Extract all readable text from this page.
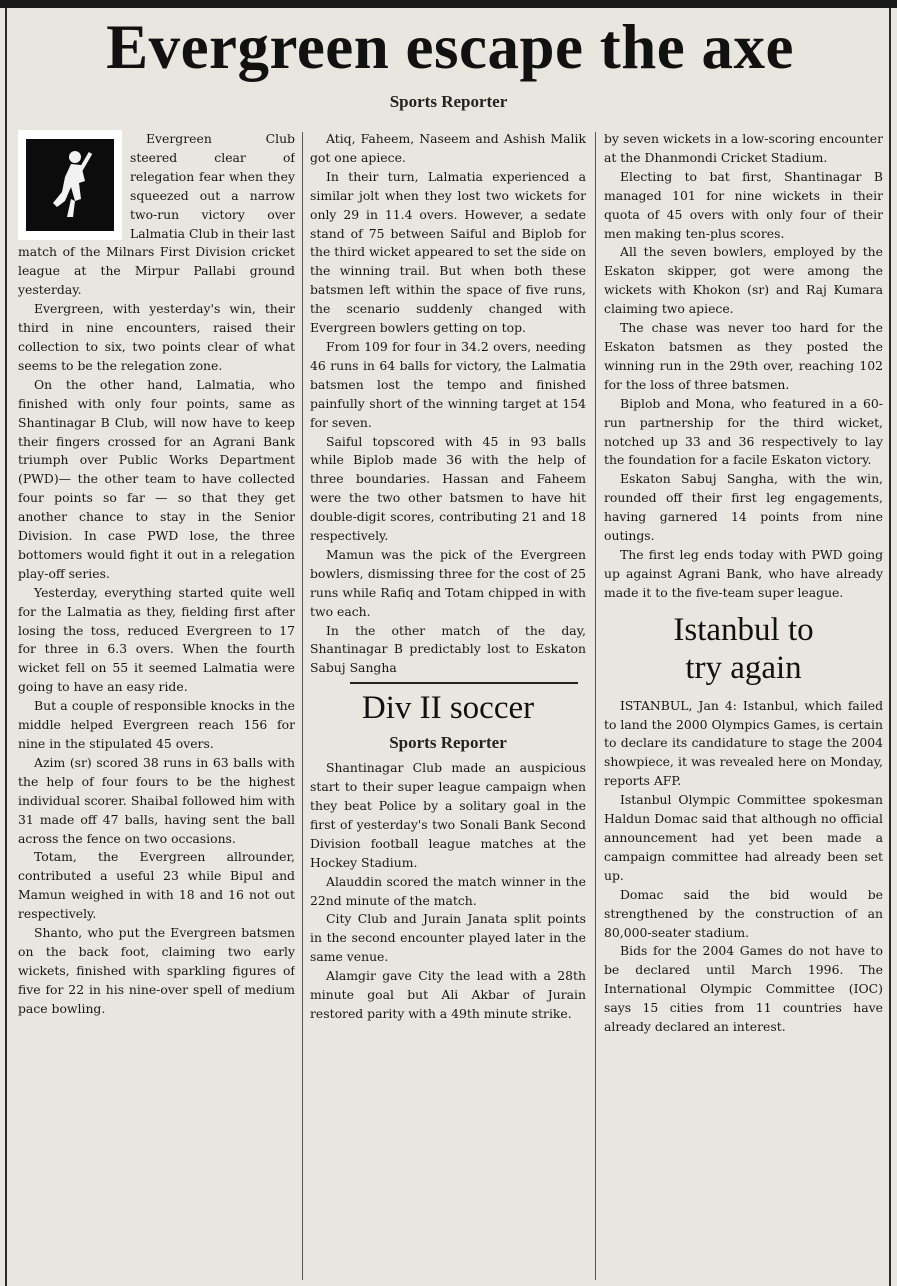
Evergreen escape the axe
Sports Reporter

Evergreen Club steered clear of relegation fear when they squeezed out a narrow two-run victory over Lalmatia Club in their last match of the Milnars First Division cricket league at the Mirpur Pallabi ground yesterday.

Evergreen, with yesterday's win, their third in nine encounters, raised their collection to six, two points clear of what seems to be the relegation zone.

On the other hand, Lalmatia, who finished with only four points, same as Shantinagar B Club, will now have to keep their fingers crossed for an Agrani Bank triumph over Public Works Department (PWD)— the other team to have collected four points so far — so that they get another chance to stay in the Senior Division. In case PWD lose, the three bottomers would fight it out in a relegation play-off series.

Yesterday, everything started quite well for the Lalmatia as they, fielding first after losing the toss, reduced Evergreen to 17 for three in 6.3 overs. When the fourth wicket fell on 55 it seemed Lalmatia were going to have an easy ride.

But a couple of responsible knocks in the middle helped Evergreen reach 156 for nine in the stipulated 45 overs.

Azim (sr) scored 38 runs in 63 balls with the help of four fours to be the highest individual scorer. Shaibal followed him with 31 made off 47 balls, having sent the ball across the fence on two occasions.

Totam, the Evergreen allrounder, contributed a useful 23 while Bipul and Mamun weighed in with 18 and 16 not out respectively.

Shanto, who put the Evergreen batsmen on the back foot, claiming two early wickets, finished with sparkling figures of five for 22 in his nine-over spell of medium pace bowling.

Atiq, Faheem, Naseem and Ashish Malik got one apiece.

In their turn, Lalmatia experienced a similar jolt when they lost two wickets for only 29 in 11.4 overs. However, a sedate stand of 75 between Saiful and Biplob for the third wicket appeared to set the side on the winning trail. But when both these batsmen left within the space of five runs, the scenario suddenly changed with Evergreen bowlers getting on top.

From 109 for four in 34.2 overs, needing 46 runs in 64 balls for victory, the Lalmatia batsmen lost the tempo and finished painfully short of the winning target at 154 for seven.

Saiful topscored with 45 in 93 balls while Biplob made 36 with the help of three boundaries. Hassan and Faheem were the two other batsmen to have hit double-digit scores, contributing 21 and 18 respectively.

Mamun was the pick of the Evergreen bowlers, dismissing three for the cost of 25 runs while Rafiq and Totam chipped in with two each.

In the other match of the day, Shantinagar B predictably lost to Eskaton Sabuj Sangha

Div II soccer
Sports Reporter

Shantinagar Club made an auspicious start to their super league campaign when they beat Police by a solitary goal in the first of yesterday's two Sonali Bank Second Division football league matches at the Hockey Stadium.

Alauddin scored the match winner in the 22nd minute of the match.

City Club and Jurain Janata split points in the second encounter played later in the same venue.

Alamgir gave City the lead with a 28th minute goal but Ali Akbar of Jurain restored parity with a 49th minute strike.

by seven wickets in a low-scoring encounter at the Dhanmondi Cricket Stadium.

Electing to bat first, Shantinagar B managed 101 for nine wickets in their quota of 45 overs with only four of their men making ten-plus scores.

All the seven bowlers, employed by the Eskaton skipper, got were among the wickets with Khokon (sr) and Raj Kumara claiming two apiece.

The chase was never too hard for the Eskaton batsmen as they posted the winning run in the 29th over, reaching 102 for the loss of three batsmen.

Biplob and Mona, who featured in a 60-run partnership for the third wicket, notched up 33 and 36 respectively to lay the foundation for a facile Eskaton victory.

Eskaton Sabuj Sangha, with the win, rounded off their first leg engagements, having garnered 14 points from nine outings.

The first leg ends today with PWD going up against Agrani Bank, who have already made it to the five-team super league.

Istanbul to
try again

ISTANBUL, Jan 4: Istanbul, which failed to land the 2000 Olympics Games, is certain to declare its candidature to stage the 2004 showpiece, it was revealed here on Monday, reports AFP.

Istanbul Olympic Committee spokesman Haldun Domac said that although no official announcement had yet been made a campaign committee had already been set up.

Domac said the bid would be strengthened by the construction of an 80,000-seater stadium.

Bids for the 2004 Games do not have to be declared until March 1996. The International Olympic Committee (IOC) says 15 cities from 11 countries have already declared an interest.
